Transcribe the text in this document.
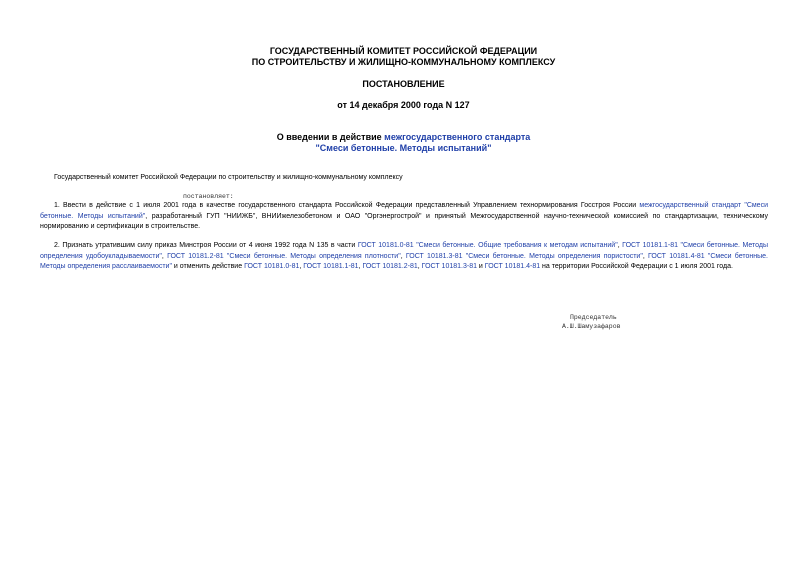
ГОСУДАРСТВЕННЫЙ КОМИТЕТ РОССИЙСКОЙ ФЕДЕРАЦИИ
ПО СТРОИТЕЛЬСТВУ И ЖИЛИЩНО-КОММУНАЛЬНОМУ КОМПЛЕКСУ
ПОСТАНОВЛЕНИЕ
от 14 декабря 2000 года N 127
О введении в действие межгосударственного стандарта
"Смеси бетонные. Методы испытаний"
Государственный комитет Российской Федерации по строительству и жилищно-коммунальному комплексу
постановляет:
1. Ввести в действие с 1 июля 2001 года в качестве государственного стандарта Российской Федерации представленный Управлением технормирования Госстроя России межгосударственный стандарт "Смеси бетонные. Методы испытаний", разработанный ГУП "НИИЖБ", ВНИИжелезобетоном и ОАО "Оргэнергострой" и принятый Межгосударственной научно-технической комиссией по стандартизации, техническому нормированию и сертификации в строительстве.
2. Признать утратившим силу приказ Минстроя России от 4 июня 1992 года N 135 в части ГОСТ 10181.0-81 "Смеси бетонные. Общие требования к методам испытаний", ГОСТ 10181.1-81 "Смеси бетонные. Методы определения удобоукладываемости", ГОСТ 10181.2-81 "Смеси бетонные. Методы определения плотности", ГОСТ 10181.3-81 "Смеси бетонные. Методы определения пористости", ГОСТ 10181.4-81 "Смеси бетонные. Методы определения расслаиваемости" и отменить действие ГОСТ 10181.0-81, ГОСТ 10181.1-81, ГОСТ 10181.2-81, ГОСТ 10181.3-81 и ГОСТ 10181.4-81 на территории Российской Федерации с 1 июля 2001 года.
Председатель
А.Ш.Шамузафаров
